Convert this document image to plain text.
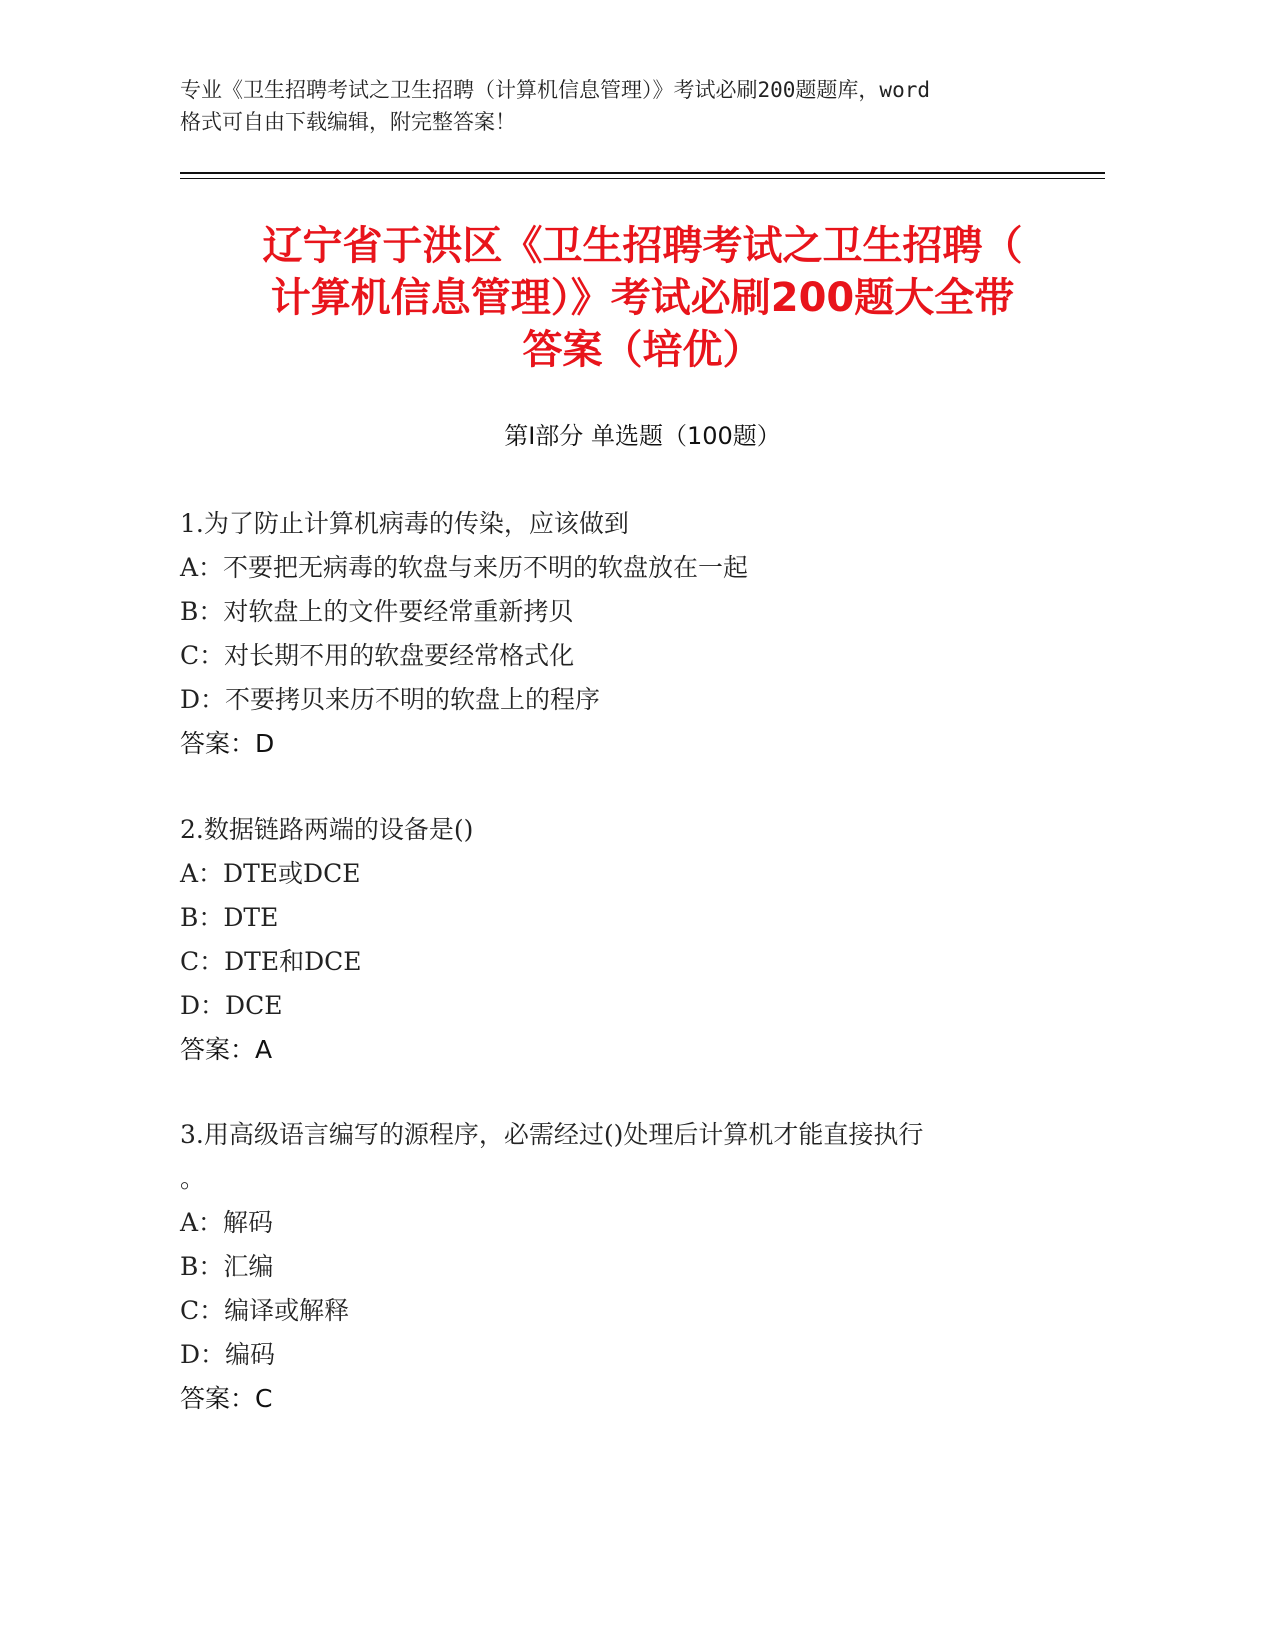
专业《卫生招聘考试之卫生招聘（计算机信息管理）》考试必刷200题题库，word
格式可自由下载编辑，附完整答案！
辽宁省于洪区《卫生招聘考试之卫生招聘（
计算机信息管理）》考试必刷200题大全带
答案（培优）
第Ⅰ部分 单选题（100题）
1.为了防止计算机病毒的传染，应该做到
A：不要把无病毒的软盘与来历不明的软盘放在一起
B：对软盘上的文件要经常重新拷贝
C：对长期不用的软盘要经常格式化
D：不要拷贝来历不明的软盘上的程序
答案：D
2.数据链路两端的设备是()
A：DTE或DCE
B：DTE
C：DTE和DCE
D：DCE
答案：A
3.用高级语言编写的源程序，必需经过()处理后计算机才能直接执行
。
A：解码
B：汇编
C：编译或解释
D：编码
答案：C
